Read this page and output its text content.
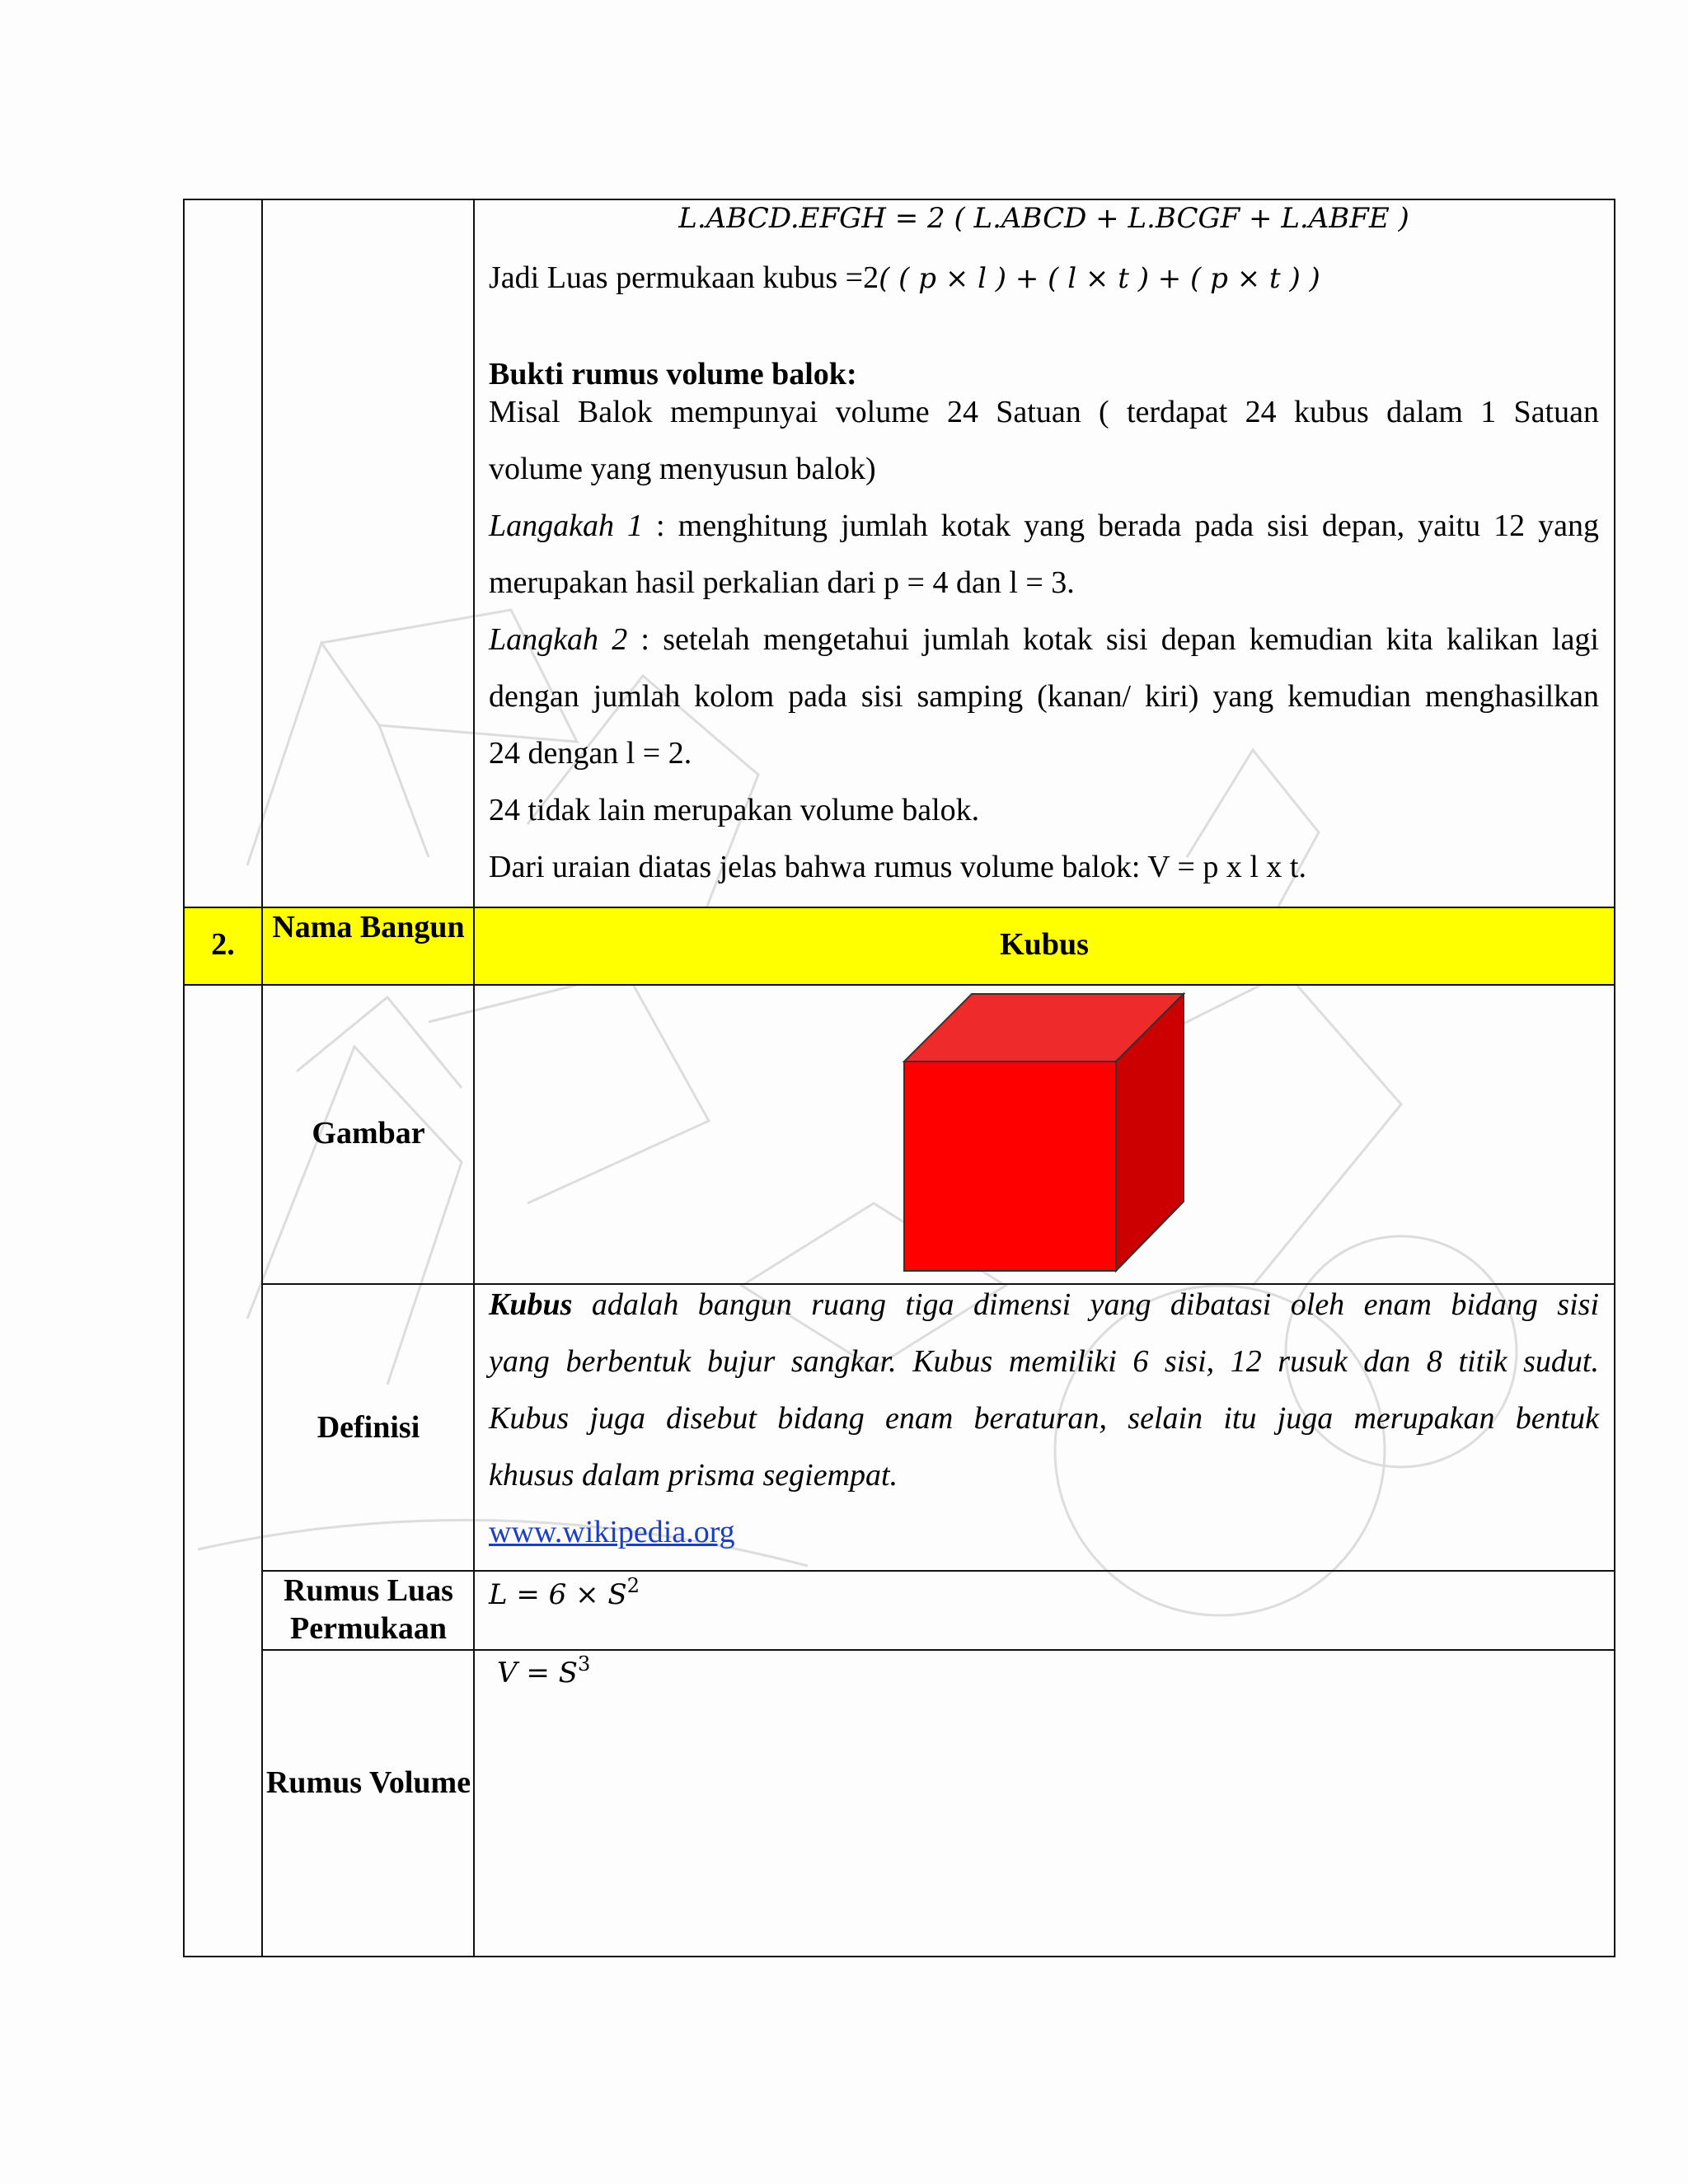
L.ABCD.EFGH = 2 ( L.ABCD + L.BCGF + L.ABFE )
Jadi Luas permukaan kubus =2( ( p × l ) + ( l × t ) + ( p × t ) )
Bukti rumus volume balok:
Misal Balok mempunyai volume 24 Satuan ( terdapat 24 kubus dalam 1 Satuan
volume yang menyusun balok)
Langakah 1 : menghitung jumlah kotak yang berada pada sisi depan, yaitu 12 yang
merupakan hasil perkalian dari p = 4 dan l = 3.
Langkah 2 : setelah mengetahui jumlah kotak sisi depan kemudian kita kalikan lagi
dengan jumlah kolom pada sisi samping (kanan/ kiri) yang kemudian menghasilkan
24 dengan l = 2.
24 tidak lain merupakan volume balok.
Dari uraian diatas jelas bahwa rumus volume balok: V = p x l x t.
2.	Nama Bangun	Kubus
Gambar
Definisi
Kubus adalah bangun ruang tiga dimensi yang dibatasi oleh enam bidang sisi
yang berbentuk bujur sangkar. Kubus memiliki 6 sisi, 12 rusuk dan 8 titik sudut.
Kubus juga disebut bidang enam beraturan, selain itu juga merupakan bentuk
khusus dalam prisma segiempat.
www.wikipedia.org
Rumus Luas Permukaan
$L = 6 \times S^2$
Rumus Volume
$V = S^3$
